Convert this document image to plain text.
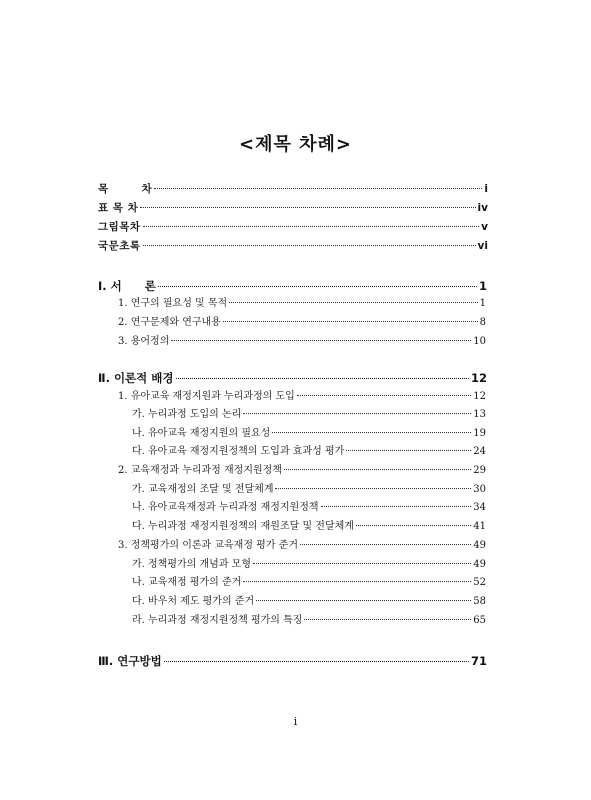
<제목 차례>
목　　　차	i
표 목 차	iv
그림목차	v
국문초록	vi
Ⅰ. 서　　론	1
1. 연구의 필요성 및 목적	1
2. 연구문제와 연구내용	8
3. 용어정의	10
Ⅱ. 이론적 배경	12
1. 유아교육 재정지원과 누리과정의 도입	12
가. 누리과정 도입의 논리	13
나. 유아교육 재정지원의 필요성	19
다. 유아교육 재정지원정책의 도입과 효과성 평가	24
2. 교육재정과 누리과정 재정지원정책	29
가. 교육재정의 조달 및 전달체계	30
나. 유아교육재정과 누리과정 재정지원정책	34
다. 누리과정 재정지원정책의 재원조달 및 전달체계	41
3. 정책평가의 이론과 교육재정 평가 준거	49
가. 정책평가의 개념과 모형	49
나. 교육재정 평가의 준거	52
다. 바우처 제도 평가의 준거	58
라. 누리과정 재정지원정책 평가의 특징	65
Ⅲ. 연구방법	71
i
